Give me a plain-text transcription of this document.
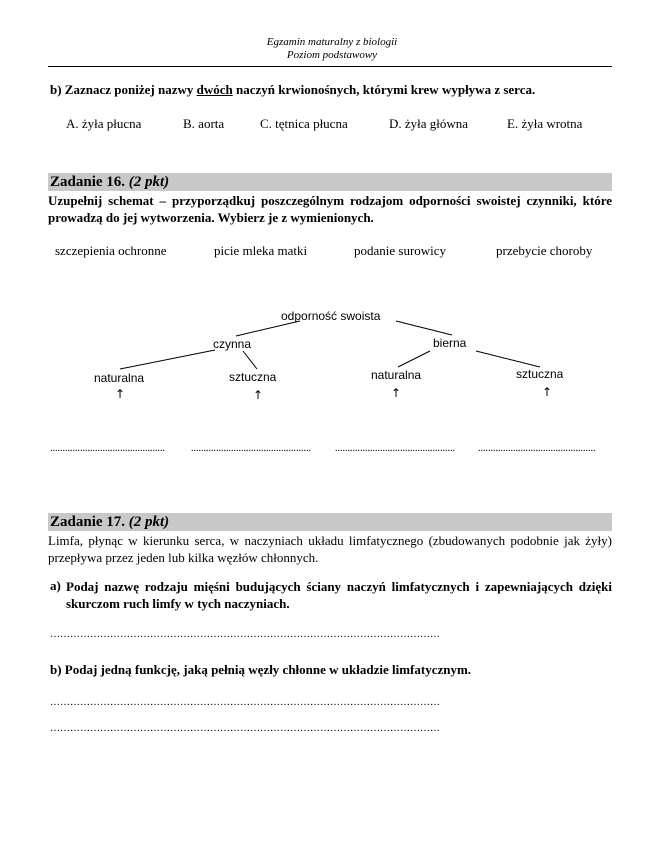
Egzamin maturalny z biologii
Poziom podstawowy
b) Zaznacz poniżej nazwy dwóch naczyń krwionośnych, którymi krew wypływa z serca.
A. żyła płucna	B. aorta	C. tętnica płucna	D. żyła główna	E. żyła wrotna
Zadanie 16. (2 pkt)
Uzupełnij schemat – przyporządkuj poszczególnym rodzajom odporności swoistej czynniki, które prowadzą do jej wytworzenia. Wybierz je z wymienionych.
szczepienia ochronne	picie mleka matki	podanie surowicy	przebycie choroby
odporność swoista
czynna	bierna
naturalna	sztuczna	naturalna	sztuczna
↑	↑	↑	↑
..............................................	................................................	................................................	...............................................
Zadanie 17. (2 pkt)
Limfa, płynąc w kierunku serca, w naczyniach układu limfatycznego (zbudowanych podobnie jak żyły) przepływa przez jeden lub kilka węzłów chłonnych.
a) Podaj nazwę rodzaju mięśni budujących ściany naczyń limfatycznych i zapewniających dzięki skurczom ruch limfy w tych naczyniach.
………………………………………………………………………………………………………
b) Podaj jedną funkcję, jaką pełnią węzły chłonne w układzie limfatycznym.
………………………………………………………………………………………………………
………………………………………………………………………………………………………
